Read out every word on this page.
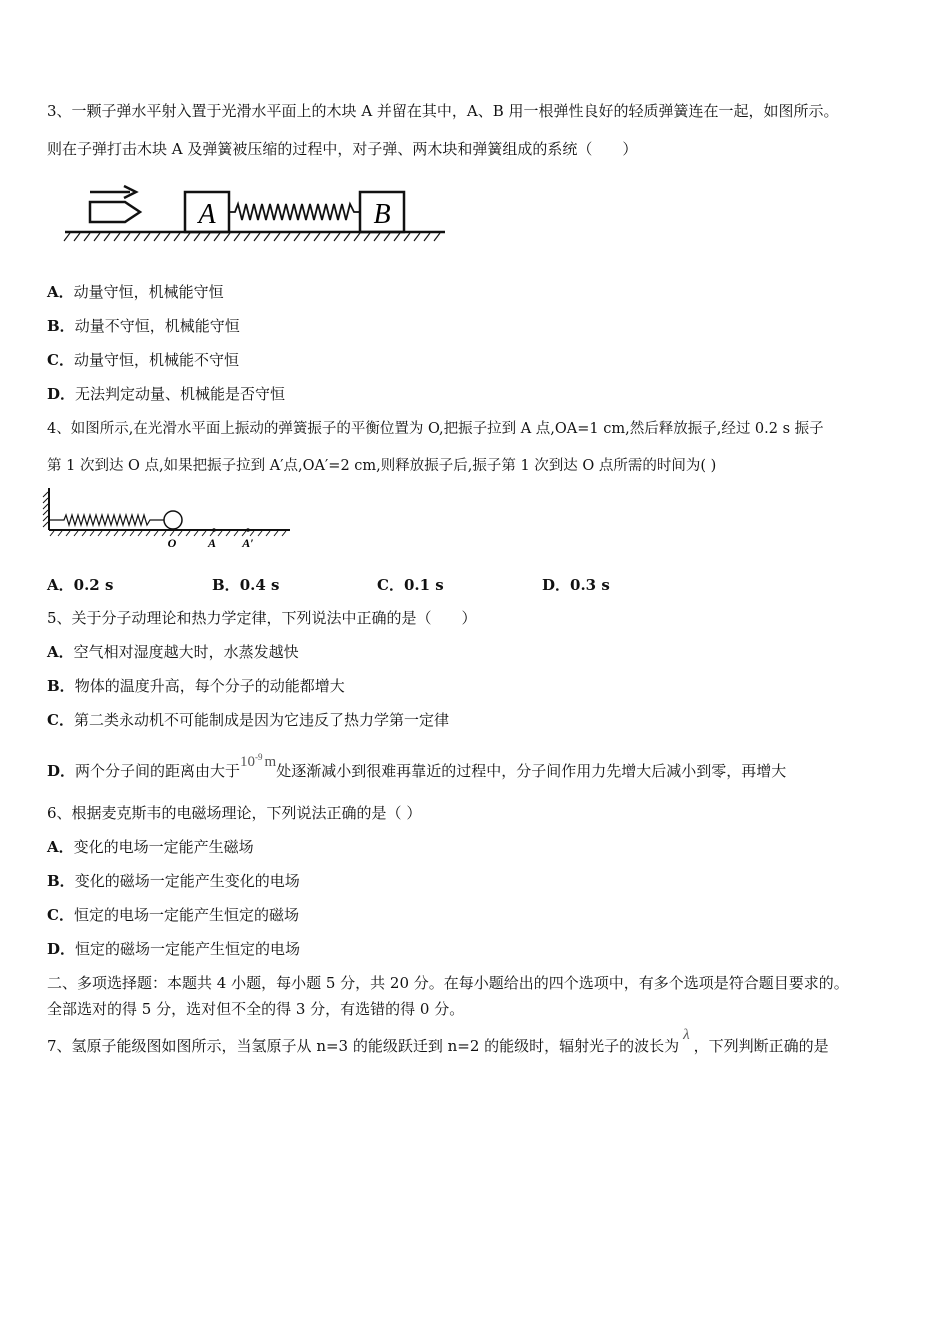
3、一颗子弹水平射入置于光滑水平面上的木块 A 并留在其中，A、B 用一根弹性良好的轻质弹簧连在一起，如图所示。
则在子弹打击木块 A 及弹簧被压缩的过程中，对子弹、两木块和弹簧组成的系统（　　）
A	B
A．动量守恒，机械能守恒
B．动量不守恒，机械能守恒
C．动量守恒，机械能不守恒
D．无法判定动量、机械能是否守恒
4、如图所示,在光滑水平面上振动的弹簧振子的平衡位置为 O,把振子拉到 A 点,OA=1 cm,然后释放振子,经过 0.2 s 振子
第 1 次到达 O 点,如果把振子拉到 A′点,OA′=2 cm,则释放振子后,振子第 1 次到达 O 点所需的时间为( )
O	A A′
A．0.2 s	B．0.4 s	C．0.1 s	D．0.3 s
5、关于分子动理论和热力学定律，下列说法中正确的是（　　）
A．空气相对湿度越大时，水蒸发越快
B．物体的温度升高，每个分子的动能都增大
C．第二类永动机不可能制成是因为它违反了热力学第一定律
D．两个分子间的距离由大于$10^{-9}$ m处逐渐减小到很难再靠近的过程中，分子间作用力先增大后减小到零，再增大
6、根据麦克斯韦的电磁场理论，下列说法正确的是（ ）
A．变化的电场一定能产生磁场
B．变化的磁场一定能产生变化的电场
C．恒定的电场一定能产生恒定的磁场
D．恒定的磁场一定能产生恒定的电场
二、多项选择题：本题共 4 小题，每小题 5 分，共 20 分。在每小题给出的四个选项中，有多个选项是符合题目要求的。
全部选对的得 5 分，选对但不全的得 3 分，有选错的得 0 分。
7、氢原子能级图如图所示，当氢原子从 n=3 的能级跃迁到 n=2 的能级时，辐射光子的波长为λ，下列判断正确的是
